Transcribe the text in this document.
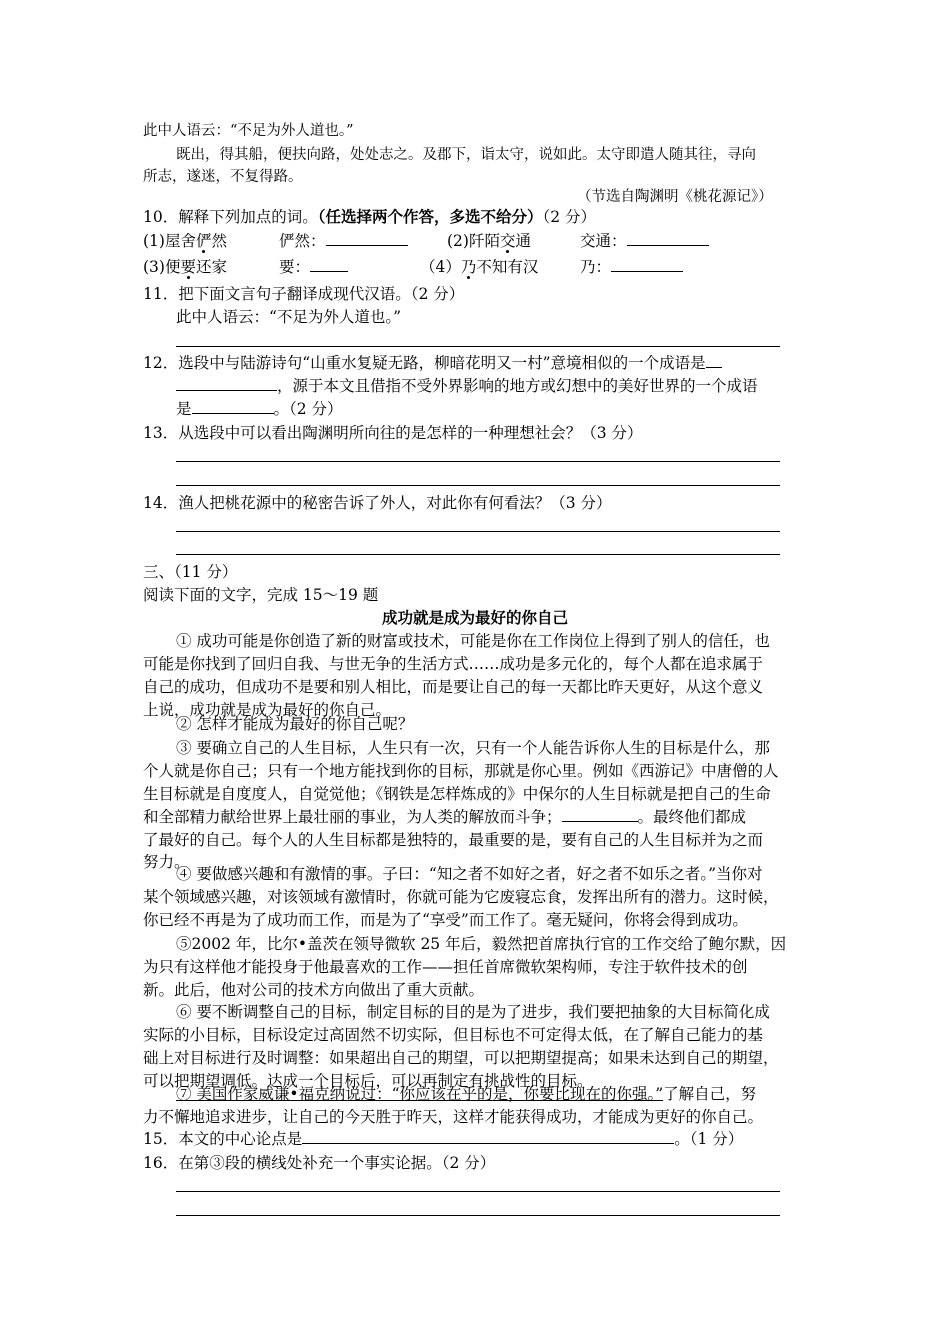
此中人语云：“不足为外人道也。”
既出，得其船，便扶向路，处处志之。及郡下，诣太守，说如此。太守即遣人随其往，寻向
所志，遂迷，不复得路。
（节选自陶渊明《桃花源记》）
10．解释下列加点的词。（任选择两个作答，多选不给分）（2 分）
(1)屋舍俨然	俨然：	(2)阡陌交通	交通：
(3)便要还家	要：	（4）乃不知有汉	乃：
11．把下面文言句子翻译成现代汉语。（2 分）
此中人语云：“不足为外人道也。”
12．选段中与陆游诗句“山重水复疑无路，柳暗花明又一村”意境相似的一个成语是
，源于本文且借指不受外界影响的地方或幻想中的美好世界的一个成语
是	。（2 分）
13．从选段中可以看出陶渊明所向往的是怎样的一种理想社会？（3 分）
14．渔人把桃花源中的秘密告诉了外人，对此你有何看法？（3 分）
三、（11 分）
阅读下面的文字，完成 15～19 题
成功就是成为最好的你自己
① 成功可能是你创造了新的财富或技术，可能是你在工作岗位上得到了别人的信任，也
可能是你找到了回归自我、与世无争的生活方式……成功是多元化的，每个人都在追求属于
自己的成功，但成功不是要和别人相比，而是要让自己的每一天都比昨天更好，从这个意义
上说，成功就是成为最好的你自己。
② 怎样才能成为最好的你自己呢？
③ 要确立自己的人生目标，人生只有一次，只有一个人能告诉你人生的目标是什么，那
个人就是你自己；只有一个地方能找到你的目标，那就是你心里。例如《西游记》中唐僧的人
生目标就是自度度人，自觉觉他；《钢铁是怎样炼成的》中保尔的人生目标就是把自己的生命
和全部精力献给世界上最壮丽的事业，为人类的解放而斗争；	。最终他们都成
了最好的自己。每个人的人生目标都是独特的，最重要的是，要有自己的人生目标并为之而
努力。
④ 要做感兴趣和有激情的事。子曰：“知之者不如好之者，好之者不如乐之者。”当你对
某个领域感兴趣，对该领域有激情时，你就可能为它废寝忘食，发挥出所有的潜力。这时候，
你已经不再是为了成功而工作，而是为了“享受”而工作了。毫无疑问，你将会得到成功。
⑤2002 年，比尔•盖茨在领导微软 25 年后，毅然把首席执行官的工作交给了鲍尔默，因
为只有这样他才能投身于他最喜欢的工作——担任首席微软架构师，专注于软件技术的创
新。此后，他对公司的技术方向做出了重大贡献。
⑥ 要不断调整自己的目标，制定目标的目的是为了进步，我们要把抽象的大目标简化成
实际的小目标，目标设定过高固然不切实际，但目标也不可定得太低，在了解自己能力的基
础上对目标进行及时调整：如果超出自己的期望，可以把期望提高；如果未达到自己的期望，
可以把期望调低。达成一个目标后，可以再制定有挑战性的目标。
⑦ 美国作家威谦•福克纳说过：“你应该在乎的是，你要比现在的你强。”了解自己，努
力不懈地追求进步，让自己的今天胜于昨天，这样才能获得成功，才能成为更好的你自己。
15．本文的中心论点是	。（1 分）
16．在第③段的横线处补充一个事实论据。（2 分）
